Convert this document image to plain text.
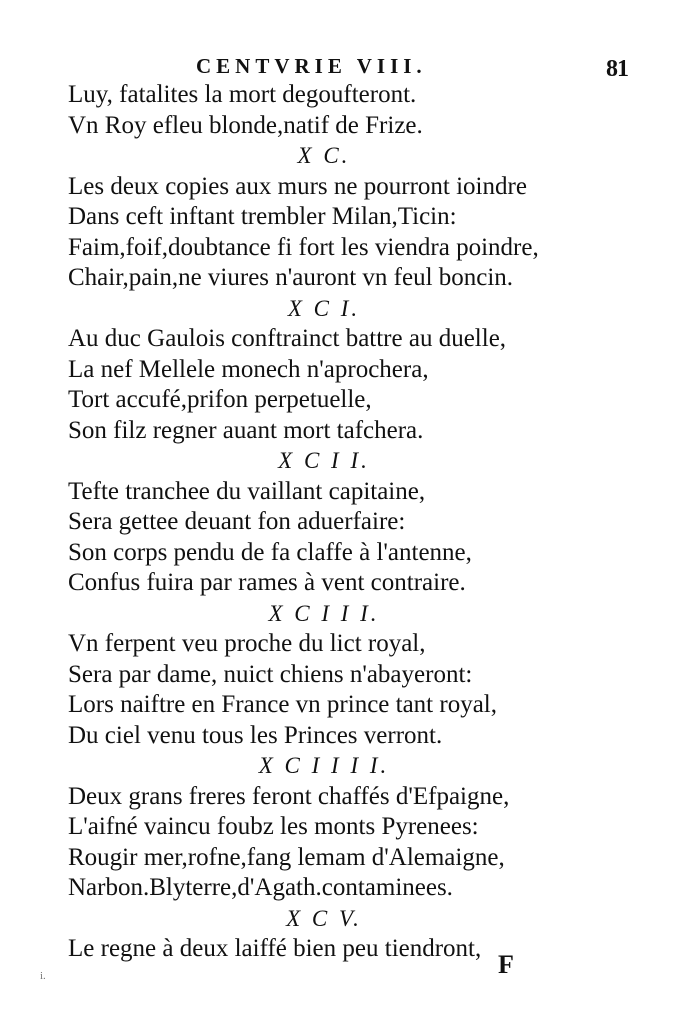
CENTVRIE VIII.	81
Luy, fatalites la mort degoufteront.
Vn Roy efleu blonde,natif de Frize.
X C.
Les deux copies aux murs ne pourront ioindre
Dans ceft inftant trembler Milan,Ticin:
Faim,foif,doubtance fi fort les viendra poindre,
Chair,pain,ne viures n'auront vn feul boncin.
X C I.
Au duc Gaulois conftrainct battre au duelle,
La nef Mellele monech n'aprochera,
Tort accufé,prifon perpetuelle,
Son filz regner auant mort tafchera.
X C I I.
Tefte tranchee du vaillant capitaine,
Sera gettee deuant fon aduerfaire:
Son corps pendu de fa claffe à l'antenne,
Confus fuira par rames à vent contraire.
X C I I I.
Vn ferpent veu proche du lict royal,
Sera par dame, nuict chiens n'abayeront:
Lors naiftre en France vn prince tant royal,
Du ciel venu tous les Princes verront.
X C I I I I.
Deux grans freres feront chaffés d'Efpaigne,
L'aifné vaincu foubz les monts Pyrenees:
Rougir mer,rofne,fang lemam d'Alemaigne,
Narbon.Blyterre,d'Agath.contaminees.
X C V.
Le regne à deux laiffé bien peu tiendront,
i.	F
